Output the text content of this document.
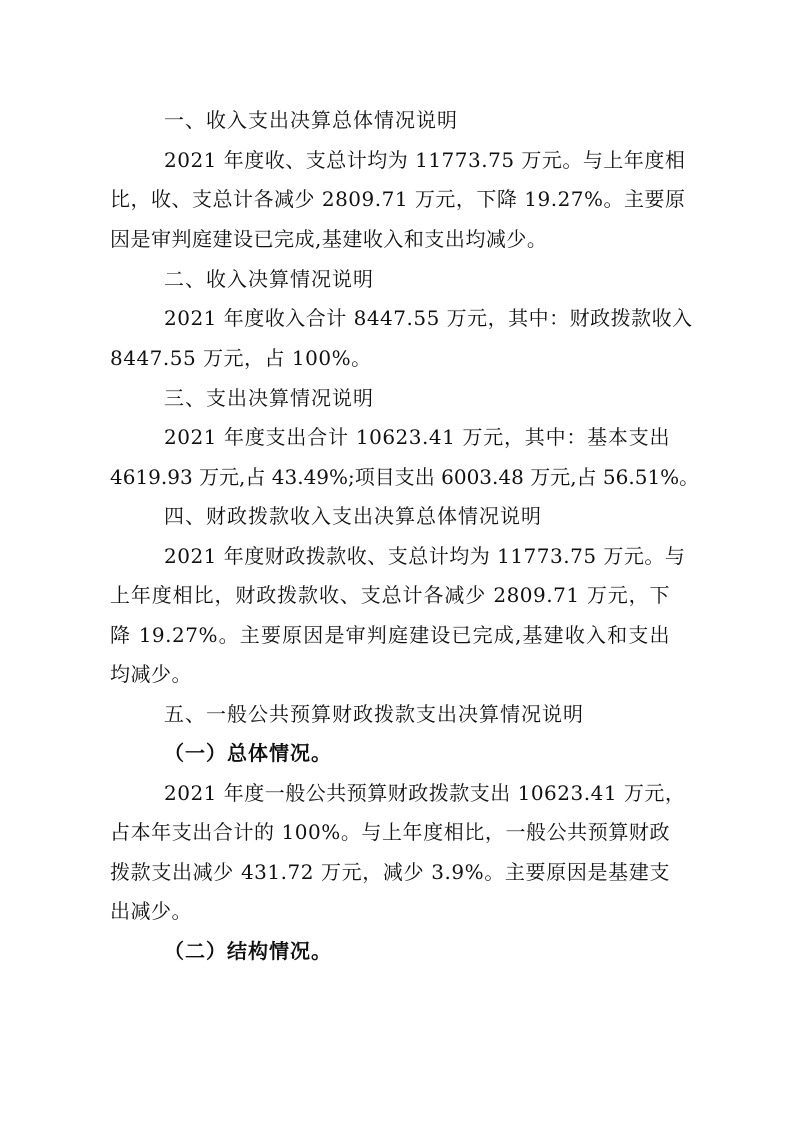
一、收入支出决算总体情况说明
2021 年度收、支总计均为 11773.75 万元。与上年度相
比，收、支总计各减少 2809.71 万元，下降 19.27%。主要原
因是审判庭建设已完成,基建收入和支出均减少。
二、收入决算情况说明
2021 年度收入合计 8447.55 万元，其中：财政拨款收入
8447.55 万元，占 100%。
三、支出决算情况说明
2021 年度支出合计 10623.41 万元，其中：基本支出
4619.93 万元,占 43.49%;项目支出 6003.48 万元,占 56.51%。
四、财政拨款收入支出决算总体情况说明
2021 年度财政拨款收、支总计均为 11773.75 万元。与
上年度相比，财政拨款收、支总计各减少 2809.71 万元，下
降 19.27%。主要原因是审判庭建设已完成,基建收入和支出
均减少。
五、一般公共预算财政拨款支出决算情况说明
（一）总体情况。
2021 年度一般公共预算财政拨款支出 10623.41 万元，
占本年支出合计的 100%。与上年度相比，一般公共预算财政
拨款支出减少 431.72 万元，减少 3.9%。主要原因是基建支
出减少。
（二）结构情况。
